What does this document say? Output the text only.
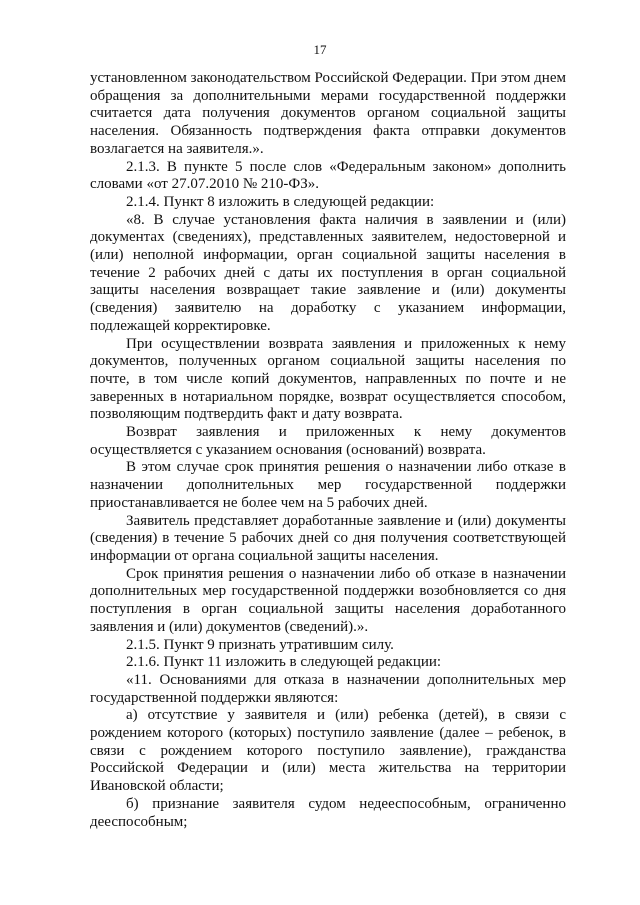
17

установленном законодательством Российской Федерации. При этом днем обращения за дополнительными мерами государственной поддержки считается дата получения документов органом социальной защиты населения. Обязанность подтверждения факта отправки документов возлагается на заявителя.».

2.1.3. В пункте 5 после слов «Федеральным законом» дополнить словами «от 27.07.2010 № 210-ФЗ».

2.1.4. Пункт 8 изложить в следующей редакции:

«8. В случае установления факта наличия в заявлении и (или) документах (сведениях), представленных заявителем, недостоверной и (или) неполной информации, орган социальной защиты населения в течение 2 рабочих дней с даты их поступления в орган социальной защиты населения возвращает такие заявление и (или) документы (сведения) заявителю на доработку с указанием информации, подлежащей корректировке.

При осуществлении возврата заявления и приложенных к нему документов, полученных органом социальной защиты населения по почте, в том числе копий документов, направленных по почте и не заверенных в нотариальном порядке, возврат осуществляется способом, позволяющим подтвердить факт и дату возврата.

Возврат заявления и приложенных к нему документов осуществляется с указанием основания (оснований) возврата.

В этом случае срок принятия решения о назначении либо отказе в назначении дополнительных мер государственной поддержки приостанавливается не более чем на 5 рабочих дней.

Заявитель представляет доработанные заявление и (или) документы (сведения) в течение 5 рабочих дней со дня получения соответствующей информации от органа социальной защиты населения.

Срок принятия решения о назначении либо об отказе в назначении дополнительных мер государственной поддержки возобновляется со дня поступления в орган социальной защиты населения доработанного заявления и (или) документов (сведений).».

2.1.5. Пункт 9 признать утратившим силу.

2.1.6. Пункт 11 изложить в следующей редакции:

«11. Основаниями для отказа в назначении дополнительных мер государственной поддержки являются:

а) отсутствие у заявителя и (или) ребенка (детей), в связи с рождением которого (которых) поступило заявление (далее – ребенок, в связи с рождением которого поступило заявление), гражданства Российской Федерации и (или) места жительства на территории Ивановской области;

б) признание заявителя судом недееспособным, ограниченно дееспособным;
